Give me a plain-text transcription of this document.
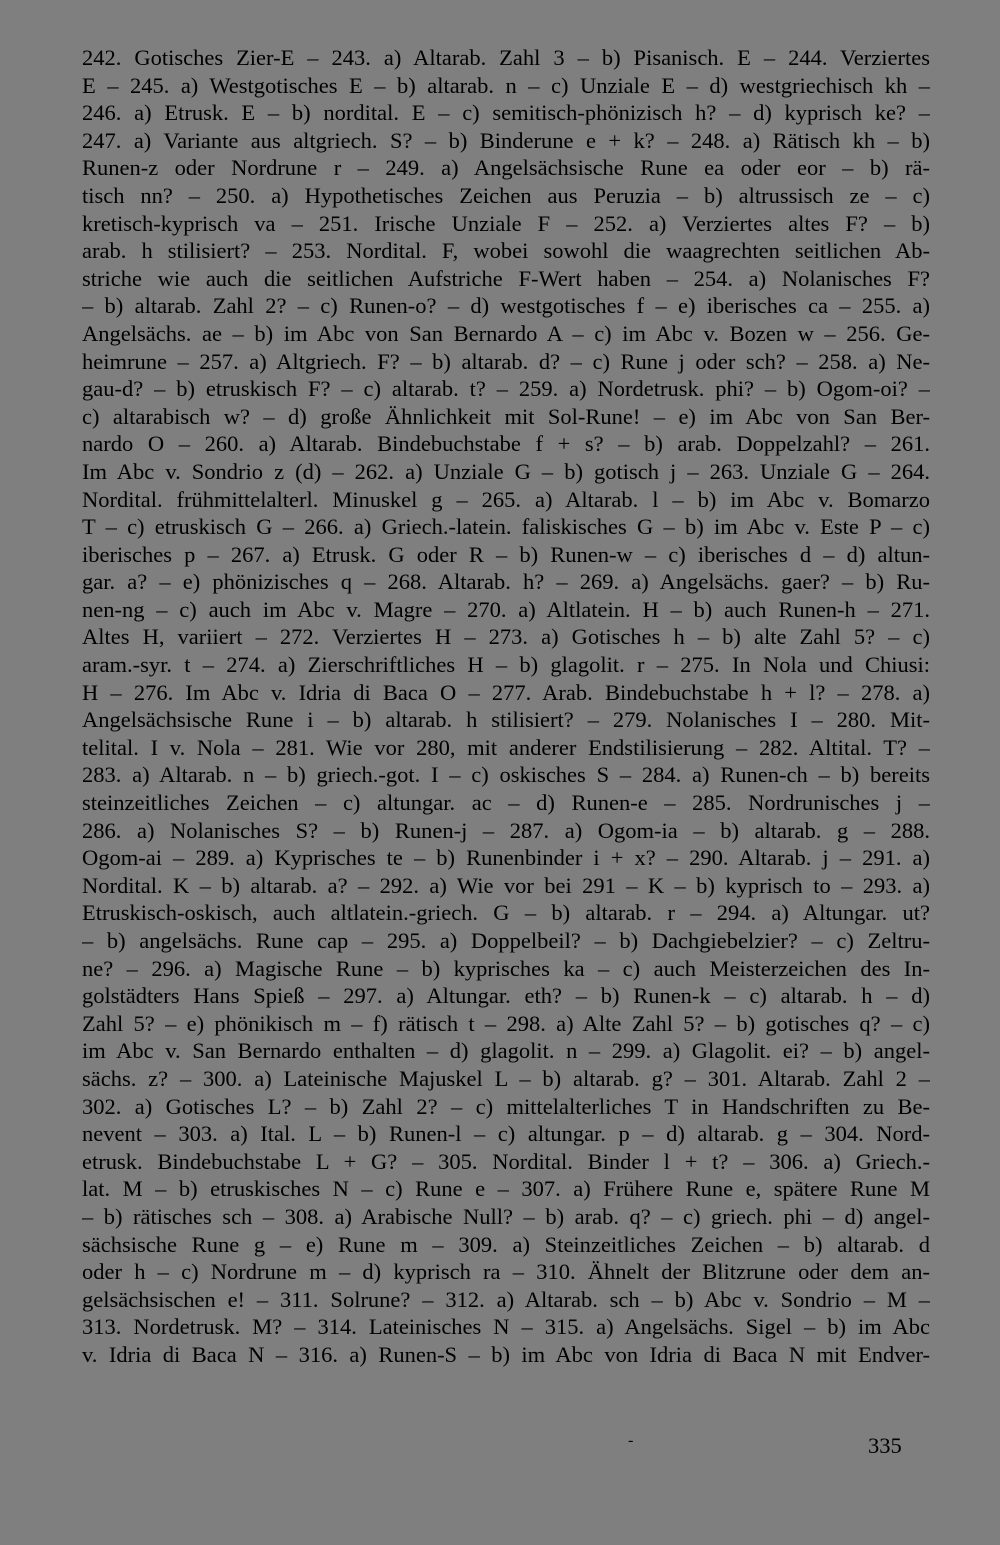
242. Gotisches Zier-E – 243. a) Altarab. Zahl 3 – b) Pisanisch. E – 244. Verziertes
E – 245. a) Westgotisches E – b) altarab. n – c) Unziale E – d) westgriechisch kh –
246. a) Etrusk. E – b) nordital. E – c) semitisch-phönizisch h? – d) kyprisch ke? –
247. a) Variante aus altgriech. S? – b) Binderune e + k? – 248. a) Rätisch kh – b)
Runen-z oder Nordrune r – 249. a) Angelsächsische Rune ea oder eor – b) rä-
tisch nn? – 250. a) Hypothetisches Zeichen aus Peruzia – b) altrussisch ze – c)
kretisch-kyprisch va – 251. Irische Unziale F – 252. a) Verziertes altes F? – b)
arab. h stilisiert? – 253. Nordital. F, wobei sowohl die waagrechten seitlichen Ab-
striche wie auch die seitlichen Aufstriche F-Wert haben – 254. a) Nolanisches F?
– b) altarab. Zahl 2? – c) Runen-o? – d) westgotisches f – e) iberisches ca – 255. a)
Angelsächs. ae – b) im Abc von San Bernardo A – c) im Abc v. Bozen w – 256. Ge-
heimrune – 257. a) Altgriech. F? – b) altarab. d? – c) Rune j oder sch? – 258. a) Ne-
gau-d? – b) etruskisch F? – c) altarab. t? – 259. a) Nordetrusk. phi? – b) Ogom-oi? –
c) altarabisch w? – d) große Ähnlichkeit mit Sol-Rune! – e) im Abc von San Ber-
nardo O – 260. a) Altarab. Bindebuchstabe f + s? – b) arab. Doppelzahl? – 261.
Im Abc v. Sondrio z (d) – 262. a) Unziale G – b) gotisch j – 263. Unziale G – 264.
Nordital. frühmittelalterl. Minuskel g – 265. a) Altarab. l – b) im Abc v. Bomarzo
T – c) etruskisch G – 266. a) Griech.-latein. faliskisches G – b) im Abc v. Este P – c)
iberisches p – 267. a) Etrusk. G oder R – b) Runen-w – c) iberisches d – d) altun-
gar. a? – e) phönizisches q – 268. Altarab. h? – 269. a) Angelsächs. gaer? – b) Ru-
nen-ng – c) auch im Abc v. Magre – 270. a) Altlatein. H – b) auch Runen-h – 271.
Altes H, variiert – 272. Verziertes H – 273. a) Gotisches h – b) alte Zahl 5? – c)
aram.-syr. t – 274. a) Zierschriftliches H – b) glagolit. r – 275. In Nola und Chiusi:
H – 276. Im Abc v. Idria di Baca O – 277. Arab. Bindebuchstabe h + l? – 278. a)
Angelsächsische Rune i – b) altarab. h stilisiert? – 279. Nolanisches I – 280. Mit-
telital. I v. Nola – 281. Wie vor 280, mit anderer Endstilisierung – 282. Altital. T? –
283. a) Altarab. n – b) griech.-got. I – c) oskisches S – 284. a) Runen-ch – b) bereits
steinzeitliches Zeichen – c) altungar. ac – d) Runen-e – 285. Nordrunisches j –
286. a) Nolanisches S? – b) Runen-j – 287. a) Ogom-ia – b) altarab. g – 288.
Ogom-ai – 289. a) Kyprisches te – b) Runenbinder i + x? – 290. Altarab. j – 291. a)
Nordital. K – b) altarab. a? – 292. a) Wie vor bei 291 – K – b) kyprisch to – 293. a)
Etruskisch-oskisch, auch altlatein.-griech. G – b) altarab. r – 294. a) Altungar. ut?
– b) angelsächs. Rune cap – 295. a) Doppelbeil? – b) Dachgiebelzier? – c) Zeltru-
ne? – 296. a) Magische Rune – b) kyprisches ka – c) auch Meisterzeichen des In-
golstädters Hans Spieß – 297. a) Altungar. eth? – b) Runen-k – c) altarab. h – d)
Zahl 5? – e) phönikisch m – f) rätisch t – 298. a) Alte Zahl 5? – b) gotisches q? – c)
im Abc v. San Bernardo enthalten – d) glagolit. n – 299. a) Glagolit. ei? – b) angel-
sächs. z? – 300. a) Lateinische Majuskel L – b) altarab. g? – 301. Altarab. Zahl 2 –
302. a) Gotisches L? – b) Zahl 2? – c) mittelalterliches T in Handschriften zu Be-
nevent – 303. a) Ital. L – b) Runen-l – c) altungar. p – d) altarab. g – 304. Nord-
etrusk. Bindebuchstabe L + G? – 305. Nordital. Binder l + t? – 306. a) Griech.-
lat. M – b) etruskisches N – c) Rune e – 307. a) Frühere Rune e, spätere Rune M
– b) rätisches sch – 308. a) Arabische Null? – b) arab. q? – c) griech. phi – d) angel-
sächsische Rune g – e) Rune m – 309. a) Steinzeitliches Zeichen – b) altarab. d
oder h – c) Nordrune m – d) kyprisch ra – 310. Ähnelt der Blitzrune oder dem an-
gelsächsischen e! – 311. Solrune? – 312. a) Altarab. sch – b) Abc v. Sondrio – M –
313. Nordetrusk. M? – 314. Lateinisches N – 315. a) Angelsächs. Sigel – b) im Abc
v. Idria di Baca N – 316. a) Runen-S – b) im Abc von Idria di Baca N mit Endver-
-	335
